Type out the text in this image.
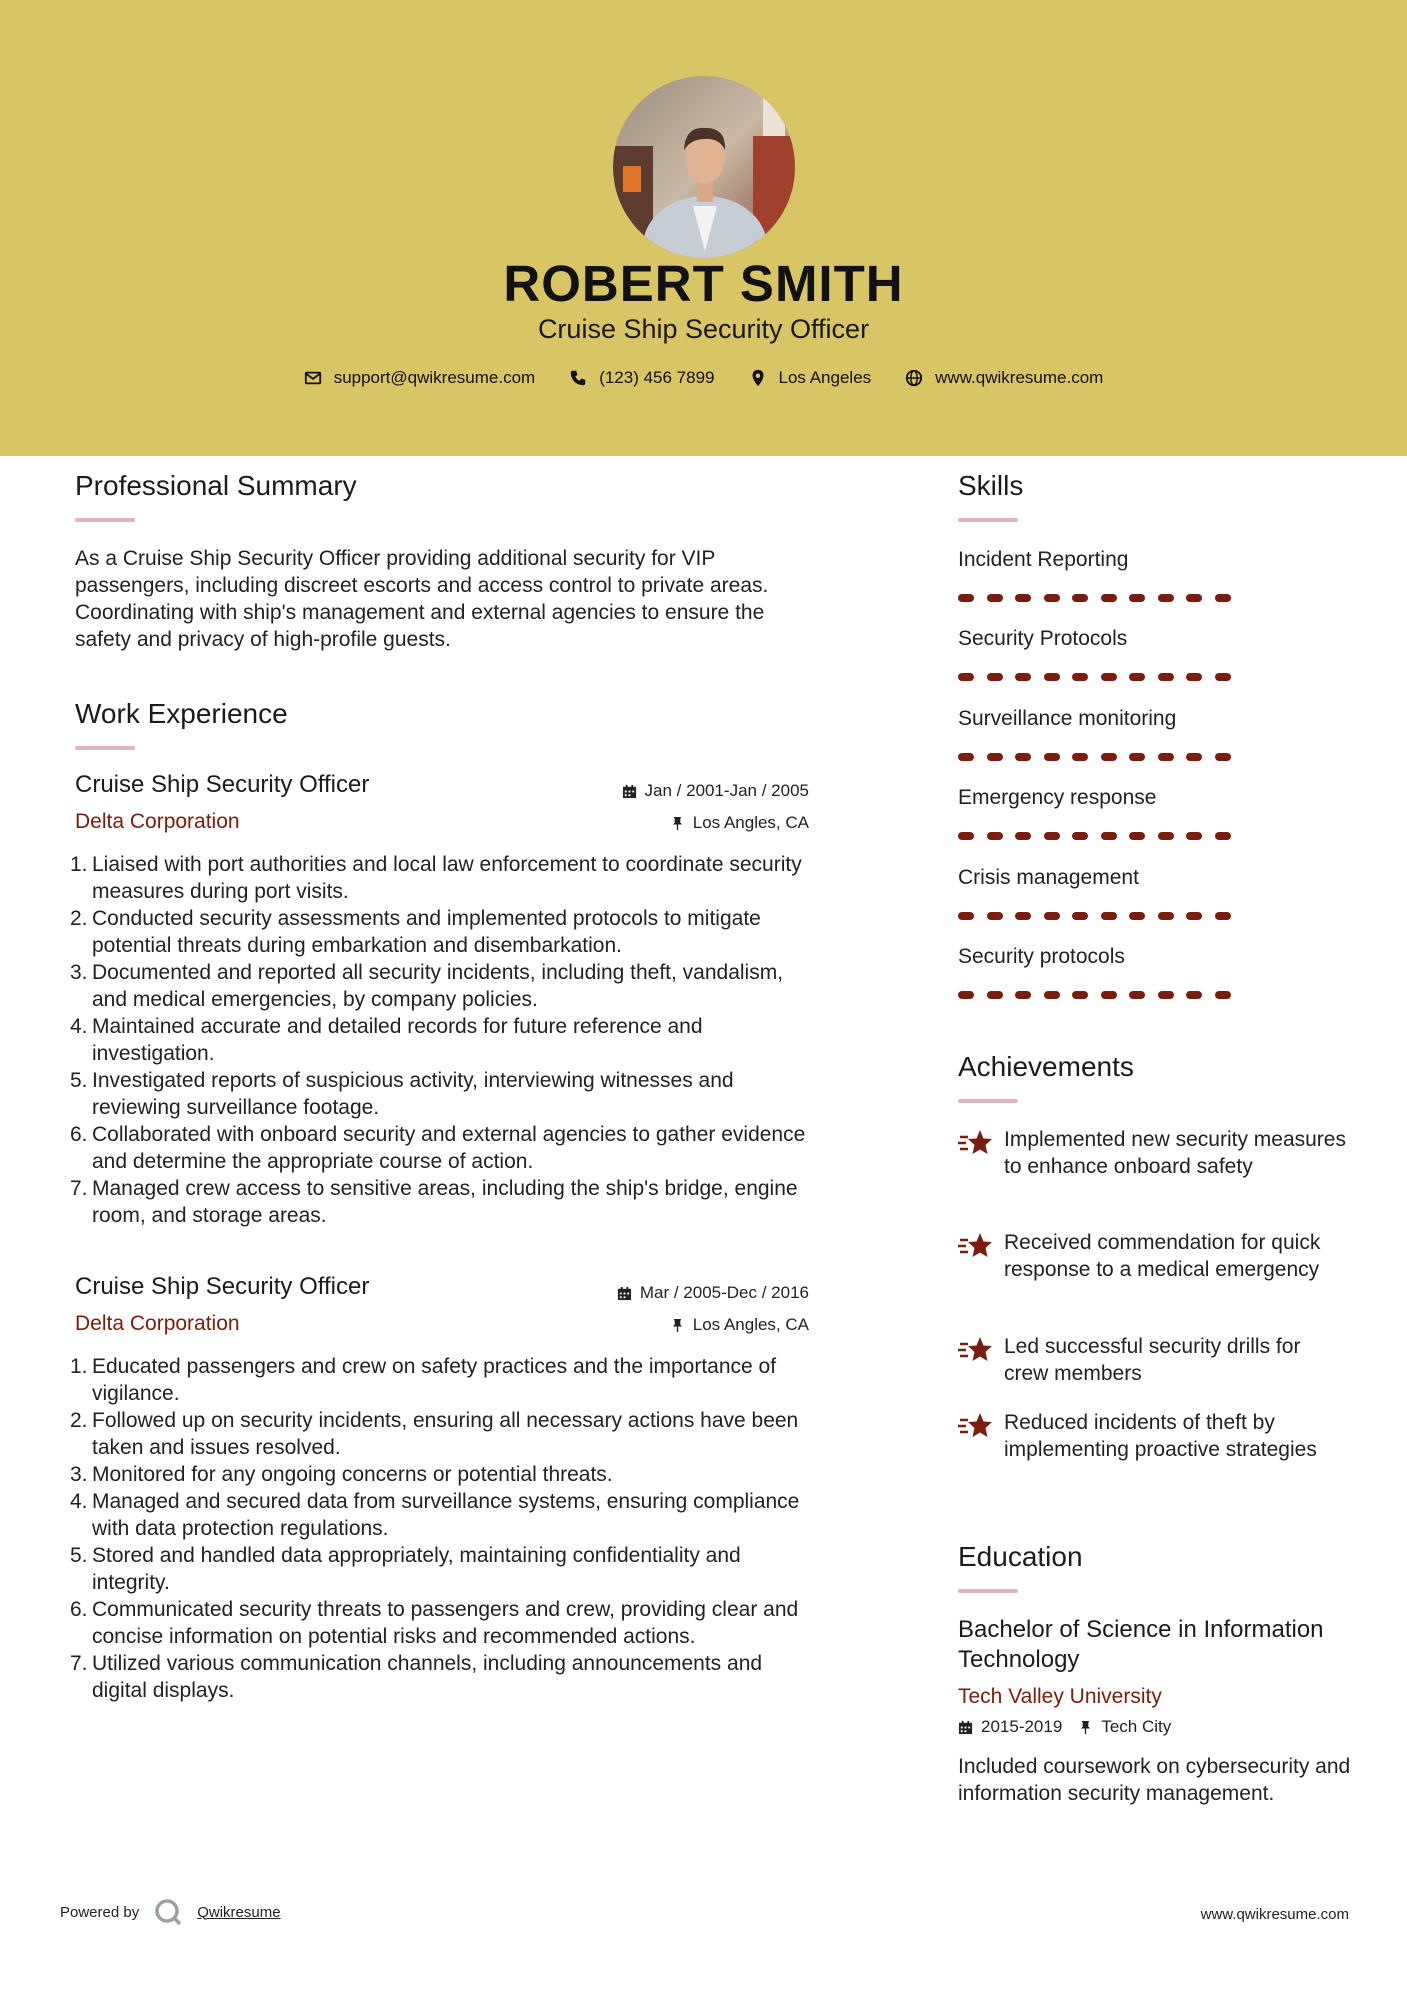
ROBERT SMITH
Cruise Ship Security Officer
support@qwikresume.com	(123) 456 7899	Los Angeles	www.qwikresume.com
Professional Summary
As a Cruise Ship Security Officer providing additional security for VIP passengers, including discreet escorts and access control to private areas. Coordinating with ship's management and external agencies to ensure the safety and privacy of high-profile guests.
Work Experience
Cruise Ship Security Officer	Jan / 2001-Jan / 2005
Delta Corporation	Los Angles, CA
1. Liaised with port authorities and local law enforcement to coordinate security measures during port visits.
2. Conducted security assessments and implemented protocols to mitigate potential threats during embarkation and disembarkation.
3. Documented and reported all security incidents, including theft, vandalism, and medical emergencies, by company policies.
4. Maintained accurate and detailed records for future reference and investigation.
5. Investigated reports of suspicious activity, interviewing witnesses and reviewing surveillance footage.
6. Collaborated with onboard security and external agencies to gather evidence and determine the appropriate course of action.
7. Managed crew access to sensitive areas, including the ship's bridge, engine room, and storage areas.
Cruise Ship Security Officer	Mar / 2005-Dec / 2016
Delta Corporation	Los Angles, CA
1. Educated passengers and crew on safety practices and the importance of vigilance.
2. Followed up on security incidents, ensuring all necessary actions have been taken and issues resolved.
3. Monitored for any ongoing concerns or potential threats.
4. Managed and secured data from surveillance systems, ensuring compliance with data protection regulations.
5. Stored and handled data appropriately, maintaining confidentiality and integrity.
6. Communicated security threats to passengers and crew, providing clear and concise information on potential risks and recommended actions.
7. Utilized various communication channels, including announcements and digital displays.
Skills
Incident Reporting
Security Protocols
Surveillance monitoring
Emergency response
Crisis management
Security protocols
Achievements
Implemented new security measures to enhance onboard safety
Received commendation for quick response to a medical emergency
Led successful security drills for crew members
Reduced incidents of theft by implementing proactive strategies
Education
Bachelor of Science in Information Technology
Tech Valley University
2015-2019 Tech City
Included coursework on cybersecurity and information security management.
Powered by	Qwikresume	www.qwikresume.com
